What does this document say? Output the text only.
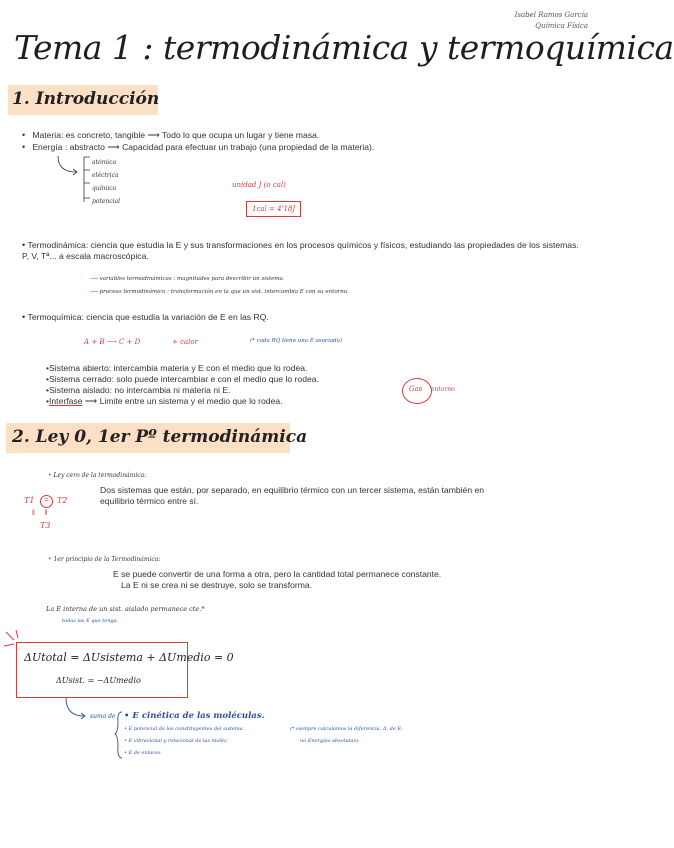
Isabel Ramos García
Química Física
Tema 1 : termodinámica y termoquímica
1. Introducción
• Materia: es concreto, tangible ⟶ Todo lo que ocupa un lugar y tiene masa.
• Energía : abstracto ⟶ Capacidad para efectuar un trabajo (una propiedad de la materia).
atómica
eléctrica
química
potencial
unidad J (o cal)
1cal = 4'18J
• Termodinámica: ciencia que estudia la E y sus transformaciones en los procesos químicos y físicos, estudiando las propiedades de los sistemas. P, V, Tª... a escala macroscópica.
⟶ variables termodinámicas : magnitudes para describir un sistema.
⟶ proceso termodinámico : transformación en la que un sist. intercambia E con su entorno.
• Termoquímica: ciencia que estudia la variación de E en las RQ.
A + B ⟶ C + D	+ calor	(* cada RQ tiene una E asociada)
•Sistema abierto: intercambia materia y E con el medio que lo rodea.
•Sistema cerrado: solo puede intercambiar e con el medio que lo rodea.
•Sistema aislado: no intercambia ni materia ni E.
•Interfase ⟶ Limite entre un sistema y el medio que lo rodea.
Gas entorno
2. Ley 0, 1er Pº termodinámica
• Ley cero de la termodinámica:
Dos sistemas que están, por separado, en equilibrio térmico con un tercer sistema, están también en equilibrio térmico entre sí.
T1	=	T2
‖     ‖
T3
• 1er principio de la Termodinámica:
E se puede convertir de una forma a otra, pero la cantidad total permanece constante.
La E ni se crea ni se destruye, solo se transforma.
La E interna de un sist. aislado permanece cte.*
todas las E que tenga.
ΔUtotal = ΔUsistema + ΔUmedio = 0
ΔUsist. = −ΔUmedio
suma de • E cinética de las moléculas.
• E potencial de los constituyentes del sistema.
• E vibracional y rotacional de las moléc.
• E de enlaces.
(* siempre calculamos la diferencia, Δ, de E;
no Energías absolutas).
